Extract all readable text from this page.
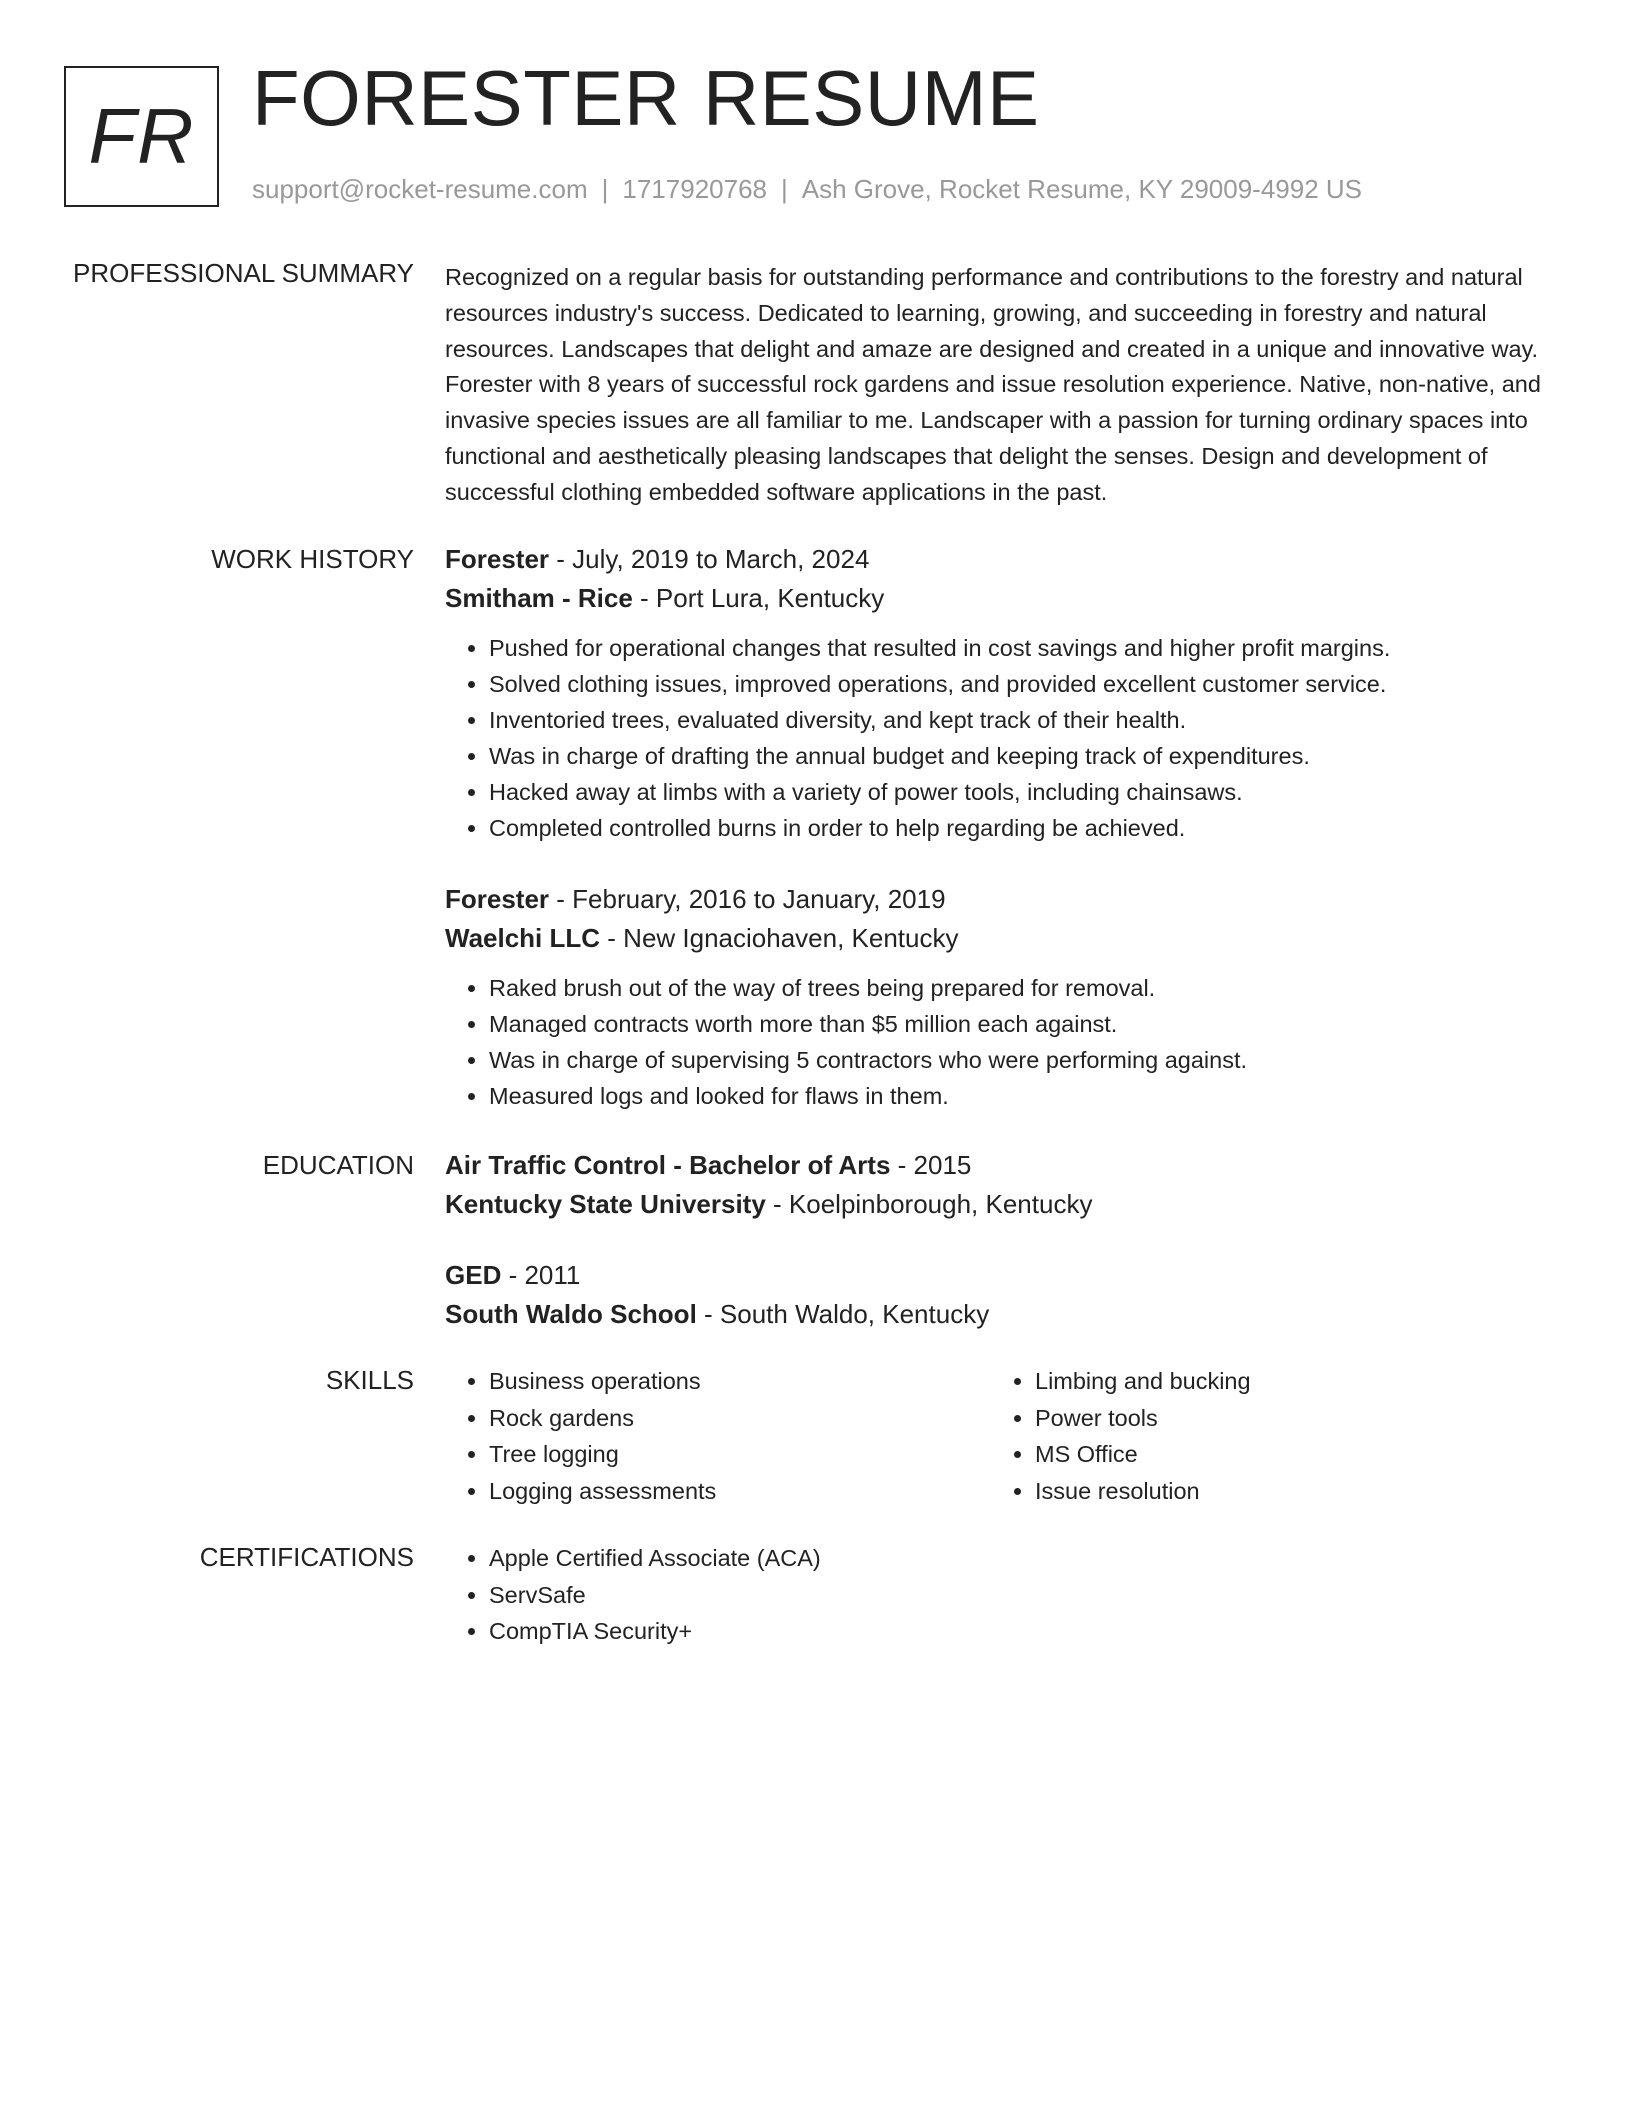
FR FORESTER RESUME
support@rocket-resume.com | 1717920768 | Ash Grove, Rocket Resume, KY 29009-4992 US
PROFESSIONAL SUMMARY Recognized on a regular basis for outstanding performance and contributions to the forestry and natural resources industry's success. Dedicated to learning, growing, and succeeding in forestry and natural resources. Landscapes that delight and amaze are designed and created in a unique and innovative way. Forester with 8 years of successful rock gardens and issue resolution experience. Native, non-native, and invasive species issues are all familiar to me. Landscaper with a passion for turning ordinary spaces into functional and aesthetically pleasing landscapes that delight the senses. Design and development of successful clothing embedded software applications in the past.

WORK HISTORY Forester - July, 2019 to March, 2024
Smitham - Rice - Port Lura, Kentucky
• Pushed for operational changes that resulted in cost savings and higher profit margins.
• Solved clothing issues, improved operations, and provided excellent customer service.
• Inventoried trees, evaluated diversity, and kept track of their health.
• Was in charge of drafting the annual budget and keeping track of expenditures.
• Hacked away at limbs with a variety of power tools, including chainsaws.
• Completed controlled burns in order to help regarding be achieved.
Forester - February, 2016 to January, 2019
Waelchi LLC - New Ignaciohaven, Kentucky
• Raked brush out of the way of trees being prepared for removal.
• Managed contracts worth more than $5 million each against.
• Was in charge of supervising 5 contractors who were performing against.
• Measured logs and looked for flaws in them.
EDUCATION Air Traffic Control - Bachelor of Arts - 2015
Kentucky State University - Koelpinborough, Kentucky
GED - 2011
South Waldo School - South Waldo, Kentucky
SKILLS	• Business operations
• Rock gardens
• Tree logging
• Logging assessments
• Limbing and bucking
• Power tools
• MS Office
• Issue resolution
CERTIFICATIONS	• Apple Certified Associate (ACA)
• ServSafe
• CompTIA Security+
